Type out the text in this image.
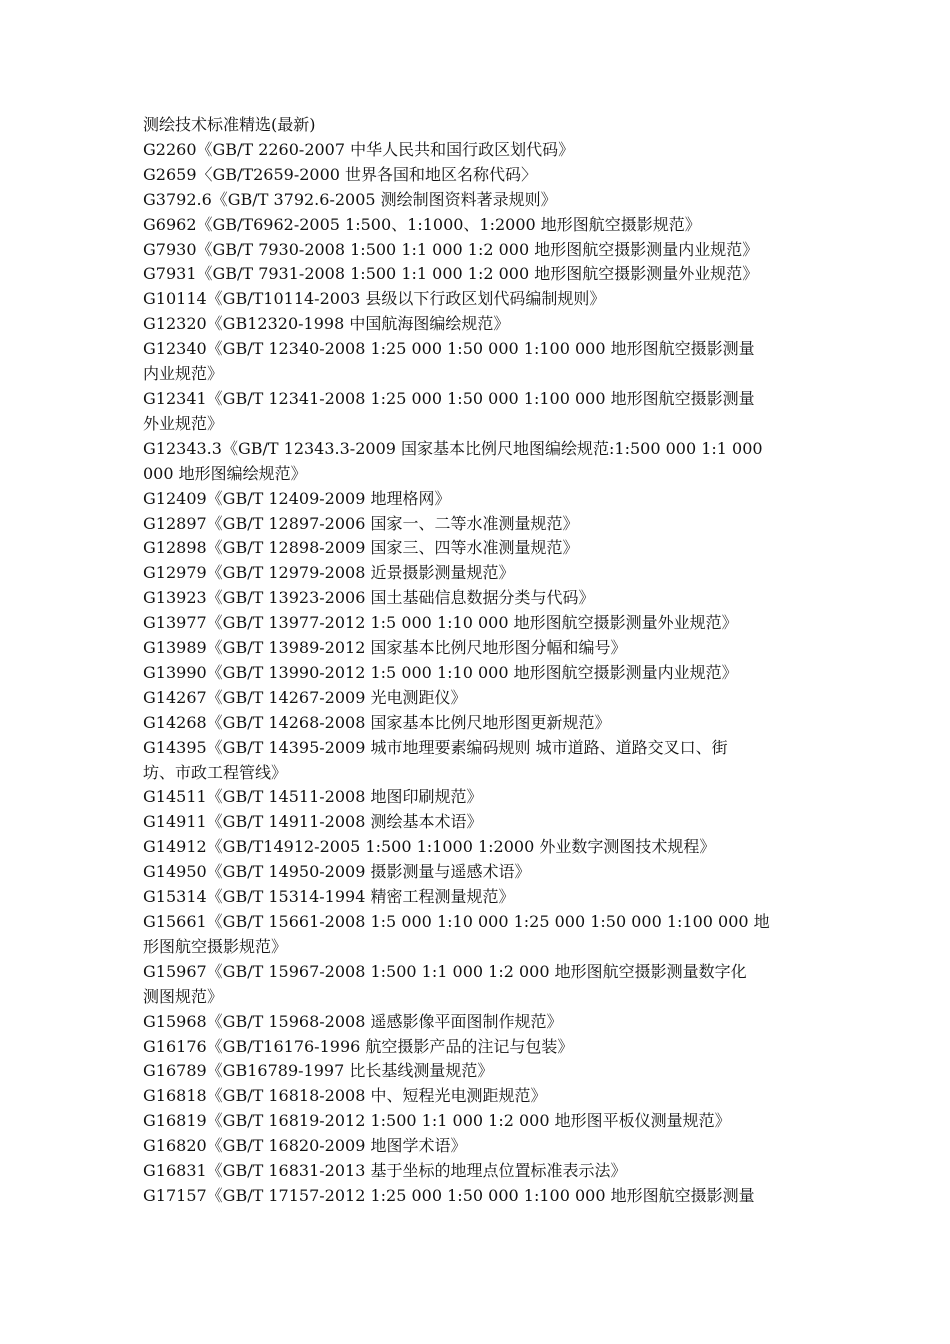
测绘技术标准精选(最新)

G2260《GB/T 2260-2007 中华人民共和国行政区划代码》

G2659〈GB/T2659-2000 世界各国和地区名称代码〉

G3792.6《GB/T 3792.6-2005 测绘制图资料著录规则》

G6962《GB/T6962-2005 1:500、1:1000、1:2000 地形图航空摄影规范》

G7930《GB/T 7930-2008 1:500 1:1 000 1:2 000 地形图航空摄影测量内业规范》

G7931《GB/T 7931-2008 1:500 1:1 000 1:2 000 地形图航空摄影测量外业规范》

G10114《GB/T10114-2003 县级以下行政区划代码编制规则》

G12320《GB12320-1998 中国航海图编绘规范》

G12340《GB/T 12340-2008 1:25 000 1:50 000 1:100 000 地形图航空摄影测量

内业规范》

G12341《GB/T 12341-2008 1:25 000 1:50 000 1:100 000 地形图航空摄影测量

外业规范》

G12343.3《GB/T 12343.3-2009 国家基本比例尺地图编绘规范:1:500 000 1:1 000

000 地形图编绘规范》

G12409《GB/T 12409-2009 地理格网》

G12897《GB/T 12897-2006 国家一、二等水准测量规范》

G12898《GB/T 12898-2009 国家三、四等水准测量规范》

G12979《GB/T 12979-2008 近景摄影测量规范》

G13923《GB/T 13923-2006 国土基础信息数据分类与代码》

G13977《GB/T 13977-2012 1:5 000 1:10 000 地形图航空摄影测量外业规范》

G13989《GB/T 13989-2012 国家基本比例尺地形图分幅和编号》

G13990《GB/T 13990-2012 1:5 000 1:10 000 地形图航空摄影测量内业规范》

G14267《GB/T 14267-2009 光电测距仪》

G14268《GB/T 14268-2008 国家基本比例尺地形图更新规范》

G14395《GB/T 14395-2009 城市地理要素编码规则 城市道路、道路交叉口、街

坊、市政工程管线》

G14511《GB/T 14511-2008 地图印刷规范》

G14911《GB/T 14911-2008 测绘基本术语》

G14912《GB/T14912-2005 1:500 1:1000 1:2000 外业数字测图技术规程》

G14950《GB/T 14950-2009 摄影测量与遥感术语》

G15314《GB/T 15314-1994 精密工程测量规范》

G15661《GB/T 15661-2008 1:5 000 1:10 000 1:25 000 1:50 000 1:100 000 地

形图航空摄影规范》

G15967《GB/T 15967-2008 1:500 1:1 000 1:2 000 地形图航空摄影测量数字化

测图规范》

G15968《GB/T 15968-2008 遥感影像平面图制作规范》

G16176《GB/T16176-1996 航空摄影产品的注记与包装》

G16789《GB16789-1997 比长基线测量规范》

G16818《GB/T 16818-2008 中、短程光电测距规范》

G16819《GB/T 16819-2012 1:500 1:1 000 1:2 000 地形图平板仪测量规范》

G16820《GB/T 16820-2009 地图学术语》

G16831《GB/T 16831-2013 基于坐标的地理点位置标准表示法》

G17157《GB/T 17157-2012 1:25 000 1:50 000 1:100 000 地形图航空摄影测量
